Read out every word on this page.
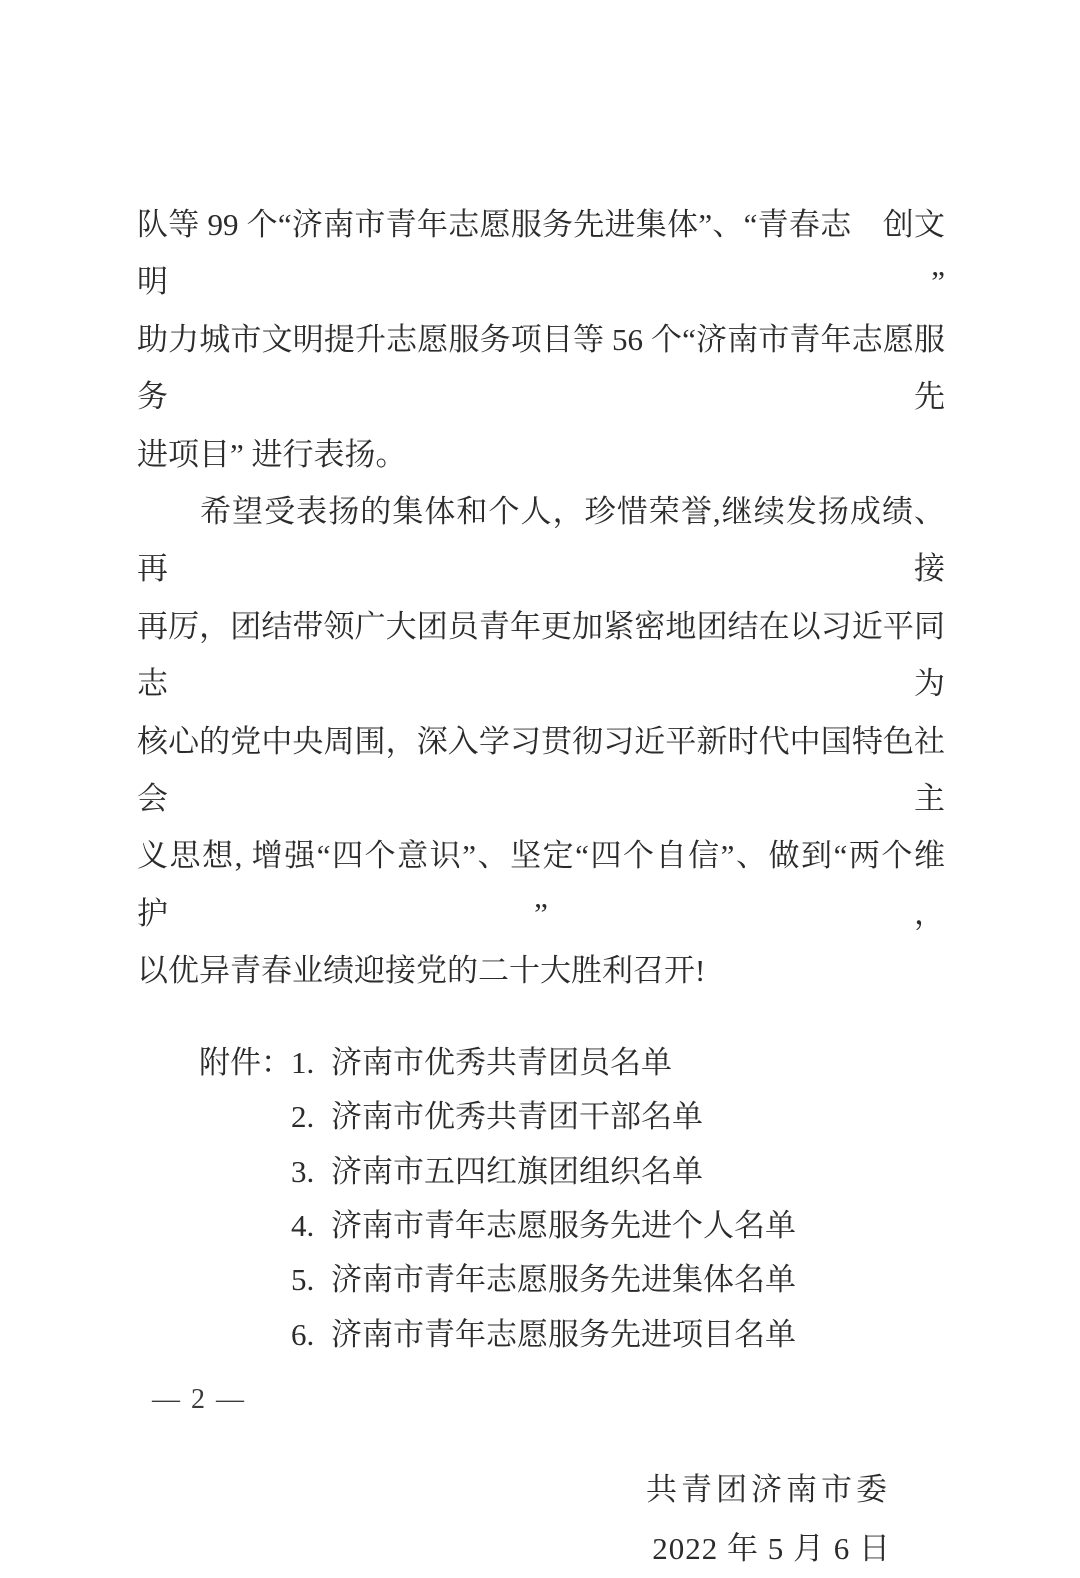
队等 99 个“济南市青年志愿服务先进集体”、“青春志　创文明”
助力城市文明提升志愿服务项目等 56 个“济南市青年志愿服务先
进项目” 进行表扬。
希望受表扬的集体和个人，珍惜荣誉,继续发扬成绩、再接
再厉，团结带领广大团员青年更加紧密地团结在以习近平同志为
核心的党中央周围，深入学习贯彻习近平新时代中国特色社会主
义思想, 增强“四个意识”、坚定“四个自信”、做到“两个维护”，
以优异青春业绩迎接党的二十大胜利召开!
附件：1. 济南市优秀共青团员名单
2. 济南市优秀共青团干部名单
3. 济南市五四红旗团组织名单
4. 济南市青年志愿服务先进个人名单
5. 济南市青年志愿服务先进集体名单
6. 济南市青年志愿服务先进项目名单
共青团济南市委
2022 年 5 月 6 日
— 2 —
